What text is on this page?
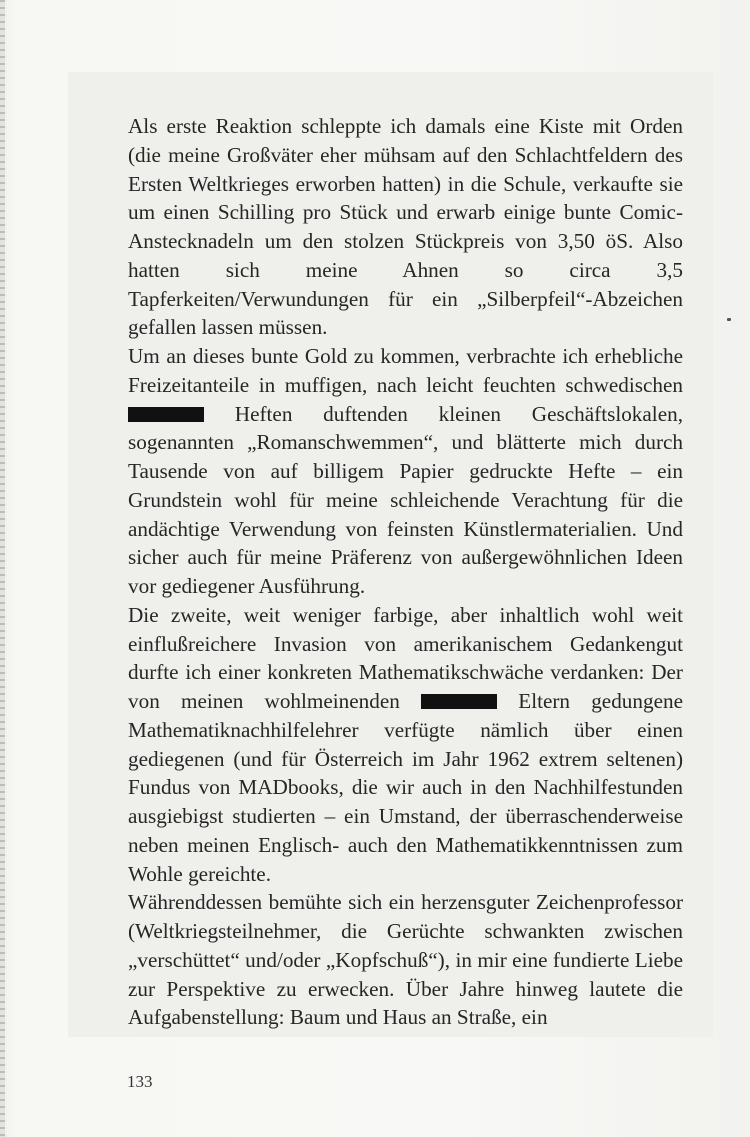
Als erste Reaktion schleppte ich damals eine Kiste mit Orden (die meine Großväter eher mühsam auf den Schlachtfeldern des Ersten Weltkrieges erworben hatten) in die Schule, verkaufte sie um einen Schilling pro Stück und erwarb einige bunte Comic-Anstecknadeln um den stolzen Stückpreis von 3,50 öS. Also hatten sich meine Ahnen so circa 3,5 Tapferkeiten/Verwundungen für ein „Silberpfeil“-Abzeichen gefallen lassen müssen.

Um an dieses bunte Gold zu kommen, verbrachte ich erhebliche Freizeitanteile in muffigen, nach leicht feuchten schwedischen  Heften duftenden kleinen Geschäftslokalen, sogenannten „Romanschwemmen“, und blätterte mich durch Tausende von auf billigem Papier gedruckte Hefte – ein Grundstein wohl für meine schleichende Verachtung für die andächtige Verwendung von feinsten Künstlermaterialien. Und sicher auch für meine Präferenz von außergewöhnlichen Ideen vor gediegener Ausführung.

Die zweite, weit weniger farbige, aber inhaltlich wohl weit einflußreichere Invasion von amerikanischem Gedankengut durfte ich einer konkreten Mathematikschwäche verdanken: Der von meinen wohlmeinenden	Eltern gedungene Mathematiknachhilfelehrer verfügte nämlich über einen gediegenen (und für Österreich im Jahr 1962 extrem seltenen) Fundus von MADbooks, die wir auch in den Nachhilfestunden ausgiebigst studierten – ein Umstand, der überraschenderweise neben meinen Englisch- auch den Mathematikkenntnissen zum Wohle gereichte.

Währenddessen bemühte sich ein herzensguter Zeichenprofessor (Weltkriegsteilnehmer, die Gerüchte schwankten zwischen „verschüttet“ und/oder „Kopfschuß“), in mir eine fundierte Liebe zur Perspektive zu erwecken. Über Jahre hinweg lautete die Aufgabenstellung: Baum und Haus an Straße, ein

133
